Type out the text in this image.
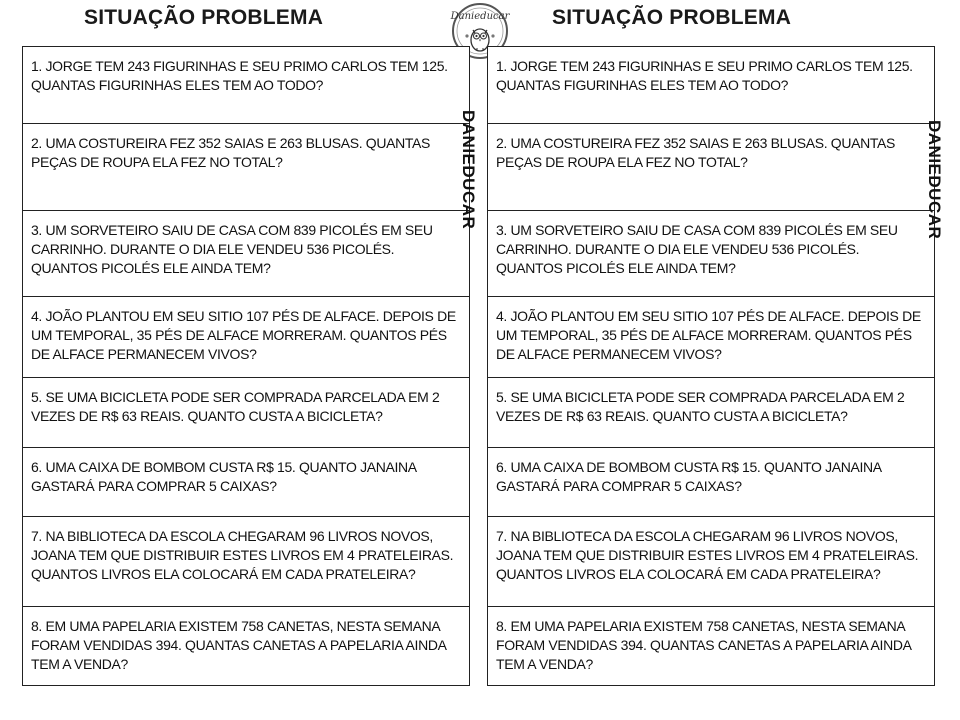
SITUAÇÃO PROBLEMA	SITUAÇÃO PROBLEMA
Danieducar
1. JORGE TEM 243 FIGURINHAS E SEU PRIMO CARLOS TEM 125. QUANTAS FIGURINHAS ELES TEM AO TODO?
2. UMA COSTUREIRA FEZ 352 SAIAS E 263 BLUSAS. QUANTAS PEÇAS DE ROUPA ELA FEZ NO TOTAL?
3. UM SORVETEIRO SAIU DE CASA COM 839 PICOLÉS EM SEU CARRINHO. DURANTE O DIA ELE VENDEU 536 PICOLÉS. QUANTOS PICOLÉS ELE AINDA TEM?
4. JOÃO PLANTOU EM SEU SITIO 107 PÉS DE ALFACE. DEPOIS DE UM TEMPORAL, 35 PÉS DE ALFACE MORRERAM. QUANTOS PÉS DE ALFACE PERMANECEM VIVOS?
5. SE UMA BICICLETA PODE SER COMPRADA PARCELADA EM 2 VEZES DE R$ 63 REAIS. QUANTO CUSTA A BICICLETA?
6. UMA CAIXA DE BOMBOM CUSTA R$ 15. QUANTO JANAINA GASTARÁ PARA COMPRAR 5 CAIXAS?
7. NA BIBLIOTECA DA ESCOLA CHEGARAM 96 LIVROS NOVOS, JOANA TEM QUE DISTRIBUIR ESTES LIVROS EM 4 PRATELEIRAS. QUANTOS LIVROS ELA COLOCARÁ EM CADA PRATELEIRA?
8. EM UMA PAPELARIA EXISTEM 758 CANETAS, NESTA SEMANA FORAM VENDIDAS 394. QUANTAS CANETAS A PAPELARIA AINDA TEM A VENDA?
1. JORGE TEM 243 FIGURINHAS E SEU PRIMO CARLOS TEM 125. QUANTAS FIGURINHAS ELES TEM AO TODO?
2. UMA COSTUREIRA FEZ 352 SAIAS E 263 BLUSAS. QUANTAS PEÇAS DE ROUPA ELA FEZ NO TOTAL?
3. UM SORVETEIRO SAIU DE CASA COM 839 PICOLÉS EM SEU CARRINHO. DURANTE O DIA ELE VENDEU 536 PICOLÉS. QUANTOS PICOLÉS ELE AINDA TEM?
4. JOÃO PLANTOU EM SEU SITIO 107 PÉS DE ALFACE. DEPOIS DE UM TEMPORAL, 35 PÉS DE ALFACE MORRERAM. QUANTOS PÉS DE ALFACE PERMANECEM VIVOS?
5. SE UMA BICICLETA PODE SER COMPRADA PARCELADA EM 2 VEZES DE R$ 63 REAIS. QUANTO CUSTA A BICICLETA?
6. UMA CAIXA DE BOMBOM CUSTA R$ 15. QUANTO JANAINA GASTARÁ PARA COMPRAR 5 CAIXAS?
7. NA BIBLIOTECA DA ESCOLA CHEGARAM 96 LIVROS NOVOS, JOANA TEM QUE DISTRIBUIR ESTES LIVROS EM 4 PRATELEIRAS. QUANTOS LIVROS ELA COLOCARÁ EM CADA PRATELEIRA?
8. EM UMA PAPELARIA EXISTEM 758 CANETAS, NESTA SEMANA FORAM VENDIDAS 394. QUANTAS CANETAS A PAPELARIA AINDA TEM A VENDA?
DANIEDUCAR	DANIEDUCAR
